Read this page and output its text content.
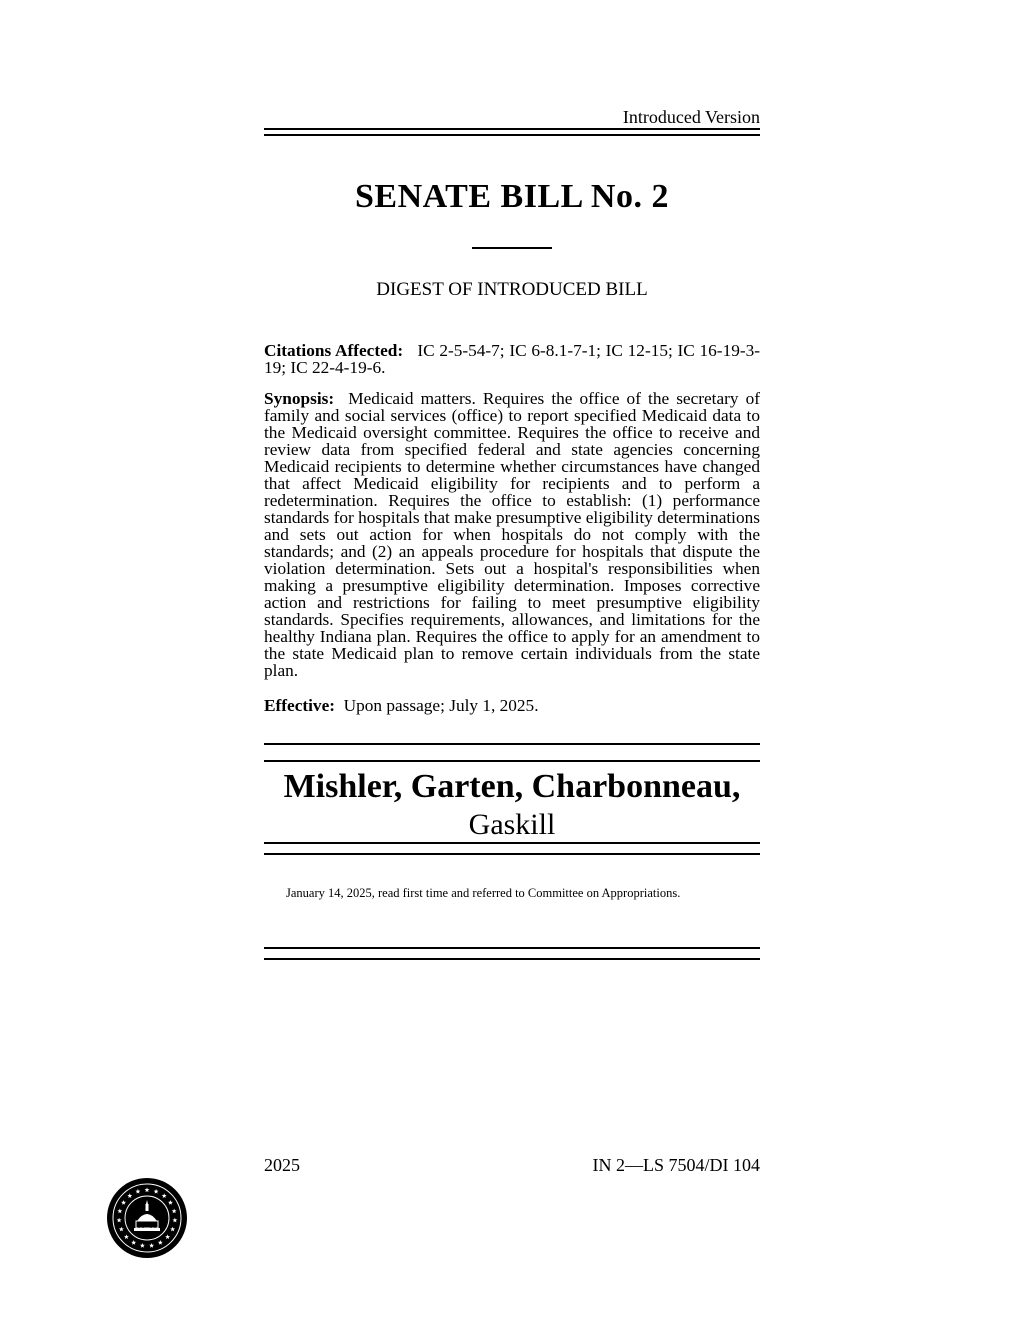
Introduced Version
SENATE BILL No. 2
DIGEST OF INTRODUCED BILL
Citations Affected: IC 2-5-54-7; IC 6-8.1-7-1; IC 12-15; IC 16-19-3-19; IC 22-4-19-6.
Synopsis: Medicaid matters. Requires the office of the secretary of family and social services (office) to report specified Medicaid data to the Medicaid oversight committee. Requires the office to receive and review data from specified federal and state agencies concerning Medicaid recipients to determine whether circumstances have changed that affect Medicaid eligibility for recipients and to perform a redetermination. Requires the office to establish: (1) performance standards for hospitals that make presumptive eligibility determinations and sets out action for when hospitals do not comply with the standards; and (2) an appeals procedure for hospitals that dispute the violation determination. Sets out a hospital's responsibilities when making a presumptive eligibility determination. Imposes corrective action and restrictions for failing to meet presumptive eligibility standards. Specifies requirements, allowances, and limitations for the healthy Indiana plan. Requires the office to apply for an amendment to the state Medicaid plan to remove certain individuals from the state plan.
Effective: Upon passage; July 1, 2025.
Mishler, Garten, Charbonneau,
Gaskill
January 14, 2025, read first time and referred to Committee on Appropriations.
2025	IN 2—LS 7504/DI 104
